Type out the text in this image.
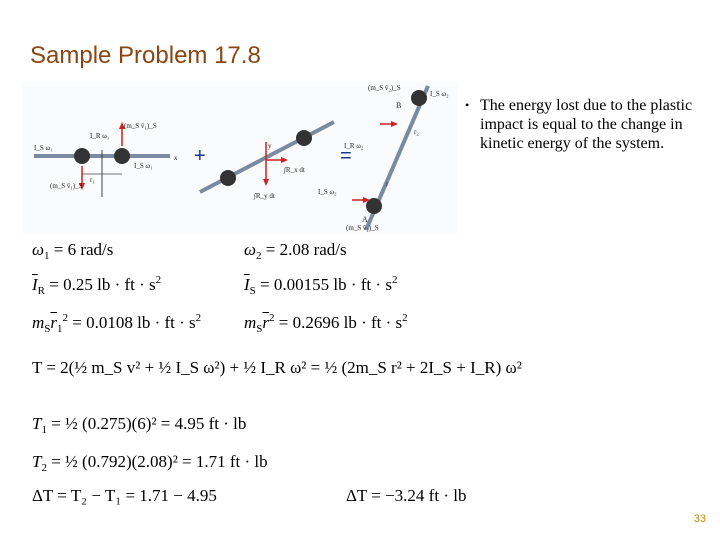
Sample Problem 17.8
(m_S v̄₁)_S
I_S ω₁
I_R ω₁
I_S ω₁
(m_S v̄₁)_S
r₁
x +
∫R_x dt
∫R_y dt
y	=
(m_S v̄₂)_S
I_S ω₂
I_R ω₂
I_S ω₂
(m_S v̄₂)_S
r₂
r
B
A
• The energy lost due to the plastic impact is equal to the change in kinetic energy of the system.
$\omega_1 = 6$ rad/s	$\omega_2 = 2.08$ rad/s
$\overline{I}_R = 0.25$ lb · ft · $s^2$	$\overline{I}_S = 0.00155$ lb · ft · $s^2$
$m_S\overline{r}_1^2 = 0.0108$ lb · ft · $s^2$	$m_S\overline{r}^2 = 0.2696$ lb · ft · $s^2$
T = 2(½ m_S v² + ½ I_S ω²) + ½ I_R ω² = ½ (2m_S r² + 2I_S + I_R) ω²
$T_1$ = ½ (0.275)(6)² = 4.95 ft · lb
$T_2$ = ½ (0.792)(2.08)² = 1.71 ft · lb
ΔT = T₂ − T₁ = 1.71 − 4.95	ΔT = −3.24 ft · lb
33
